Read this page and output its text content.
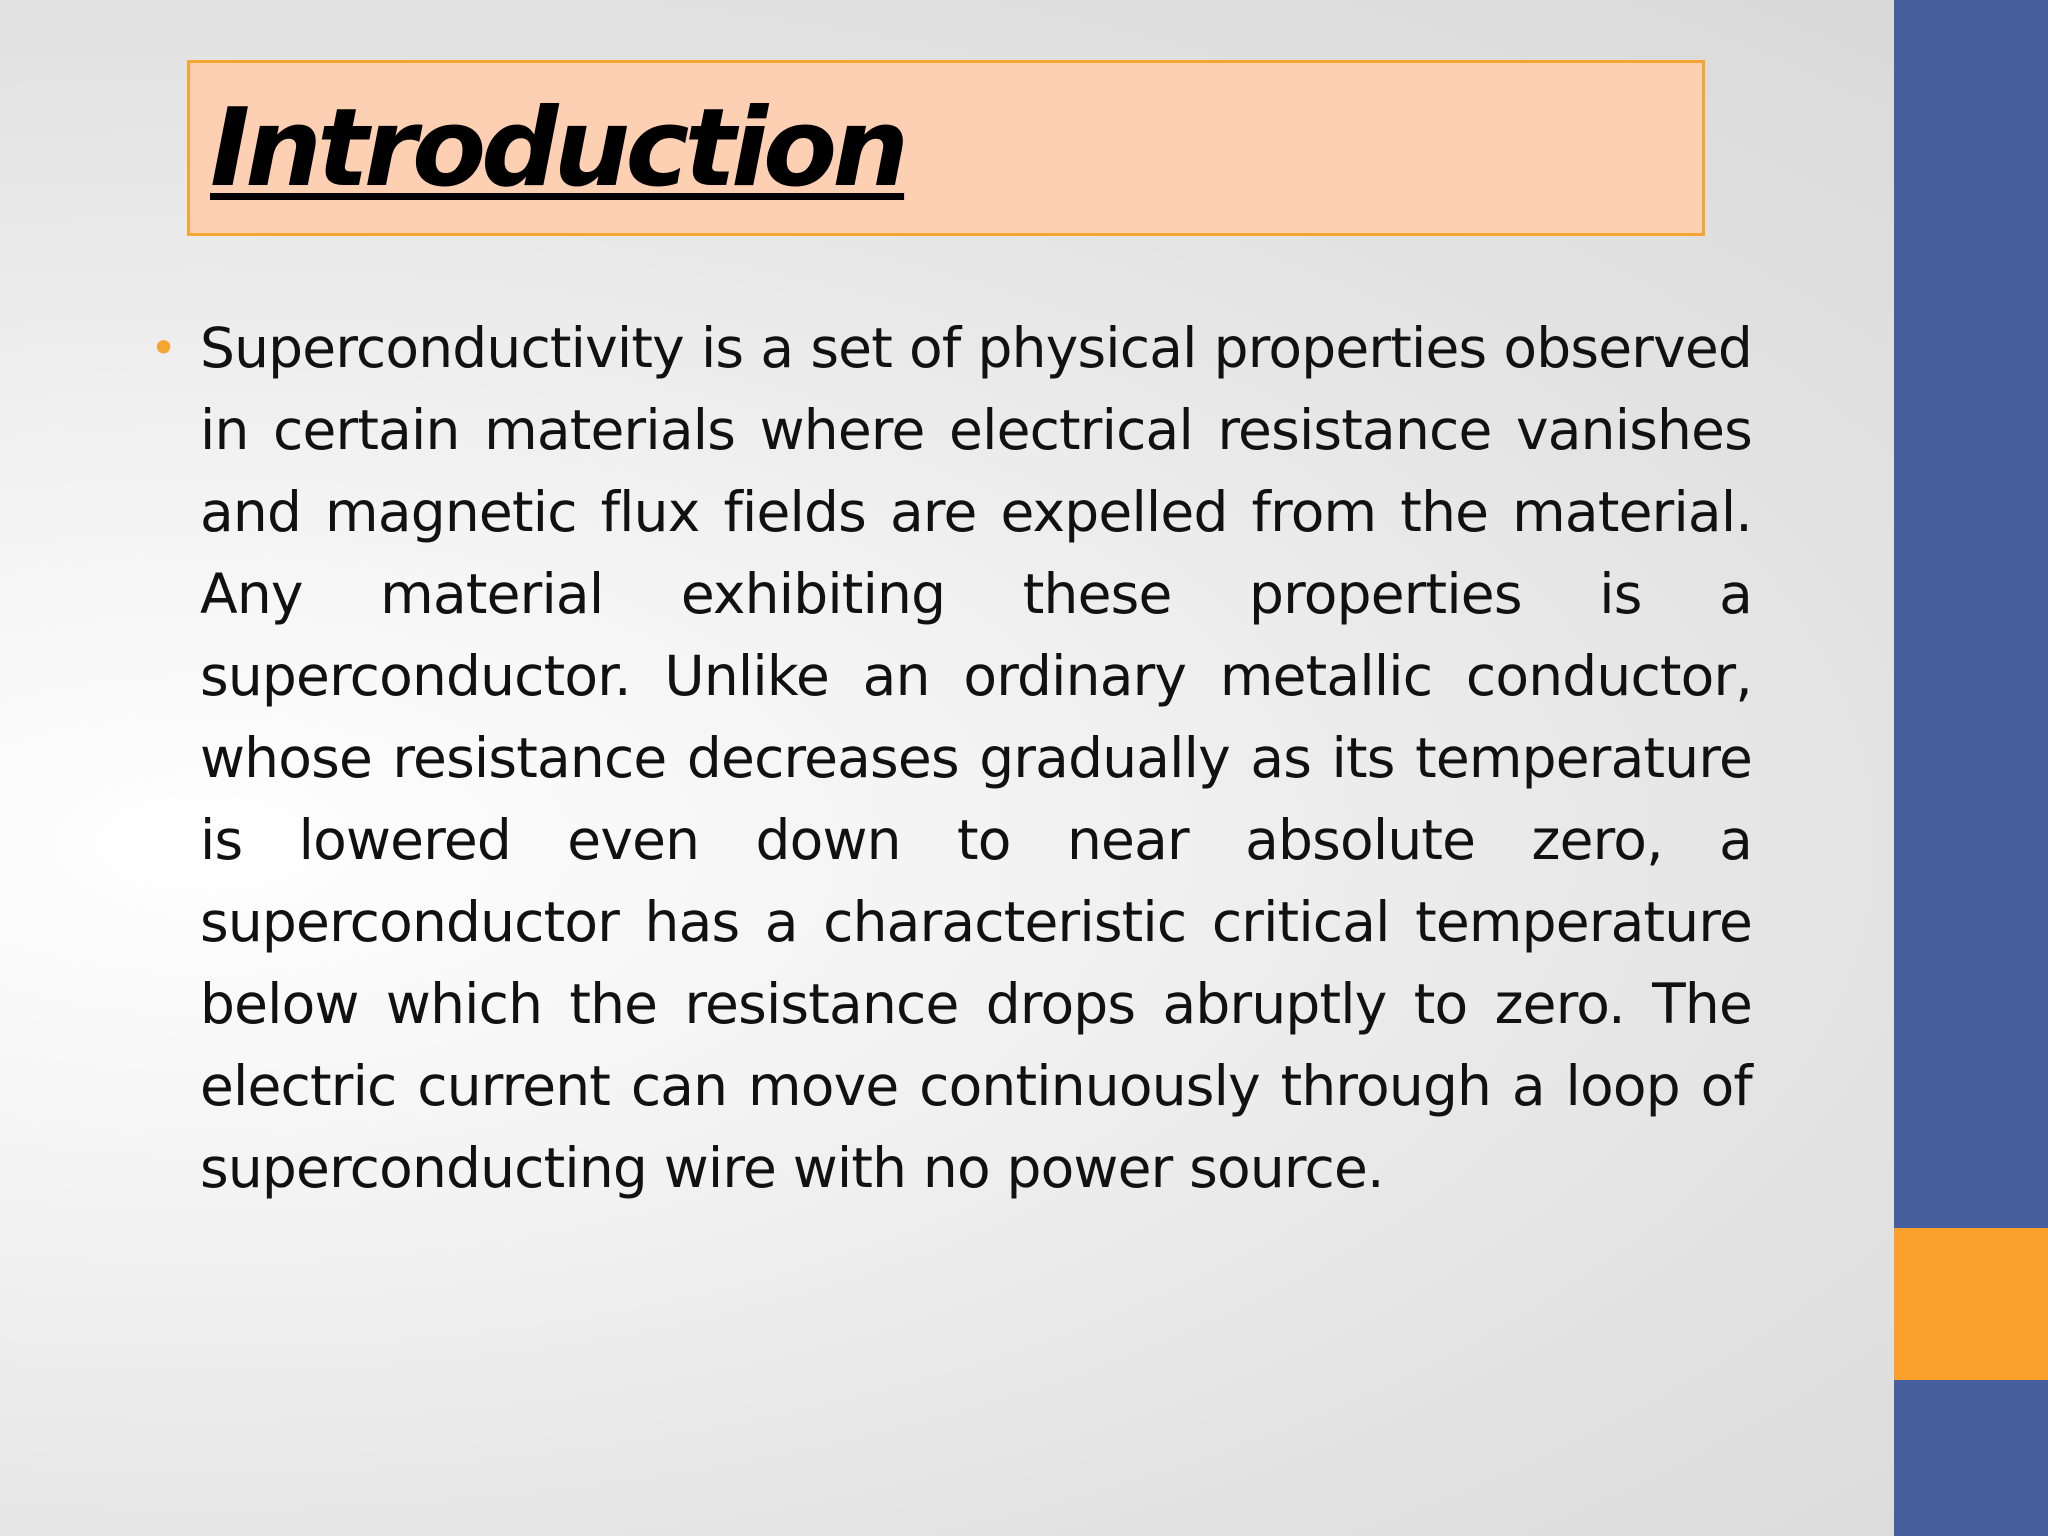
Introduction
• Superconductivity is a set of physical properties observed in certain materials where electrical resistance vanishes and magnetic flux fields are expelled from the material. Any material exhibiting these properties is a superconductor. Unlike an ordinary metallic conductor, whose resistance decreases gradually as its temperature is lowered even down to near absolute zero, a superconductor has a characteristic critical temperature below which the resistance drops abruptly to zero. The electric current can move continuously through a loop of superconducting wire with no power source.
